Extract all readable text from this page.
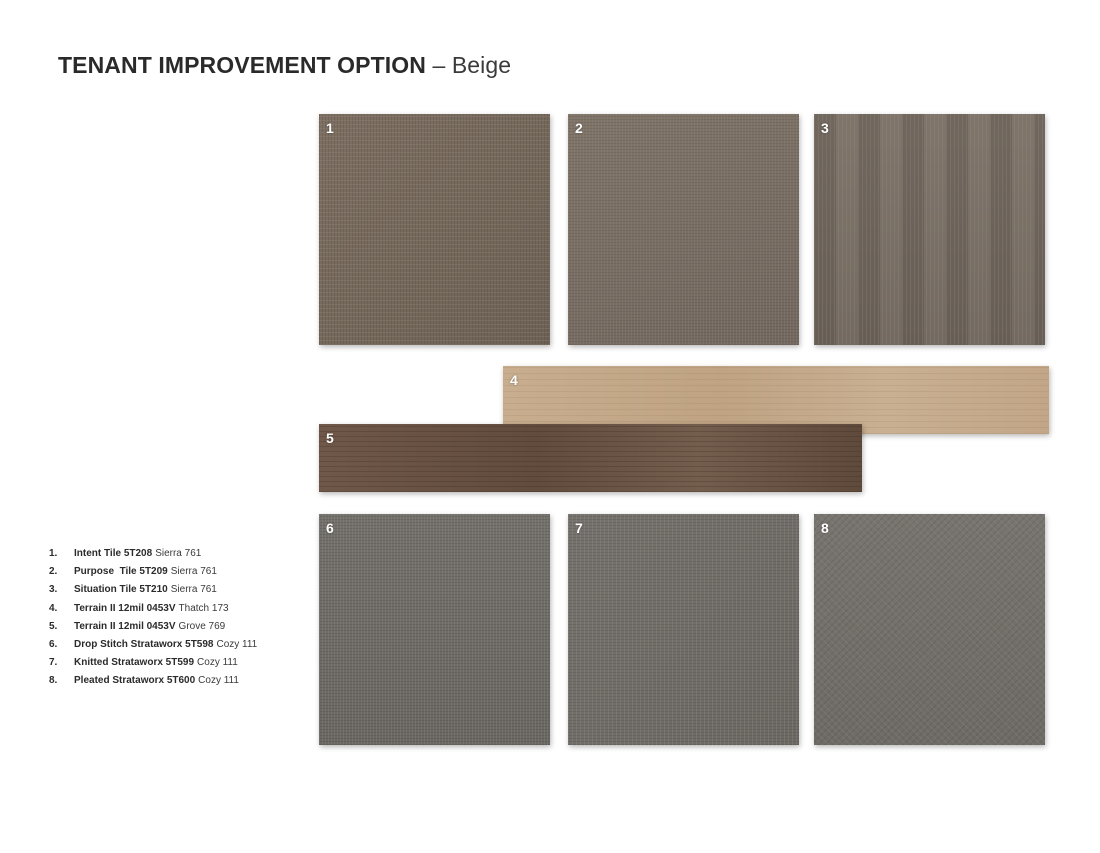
TENANT IMPROVEMENT OPTION – Beige
1	2	3
4
5
6	7	8
1.	Intent Tile 5T208 Sierra 761
2.	Purpose  Tile 5T209 Sierra 761
3.	Situation Tile 5T210 Sierra 761
4.	Terrain II 12mil 0453V Thatch 173
5.	Terrain II 12mil 0453V Grove 769
6.	Drop Stitch Strataworx 5T598 Cozy 111
7.	Knitted Strataworx 5T599 Cozy 111
8.	Pleated Strataworx 5T600 Cozy 111
